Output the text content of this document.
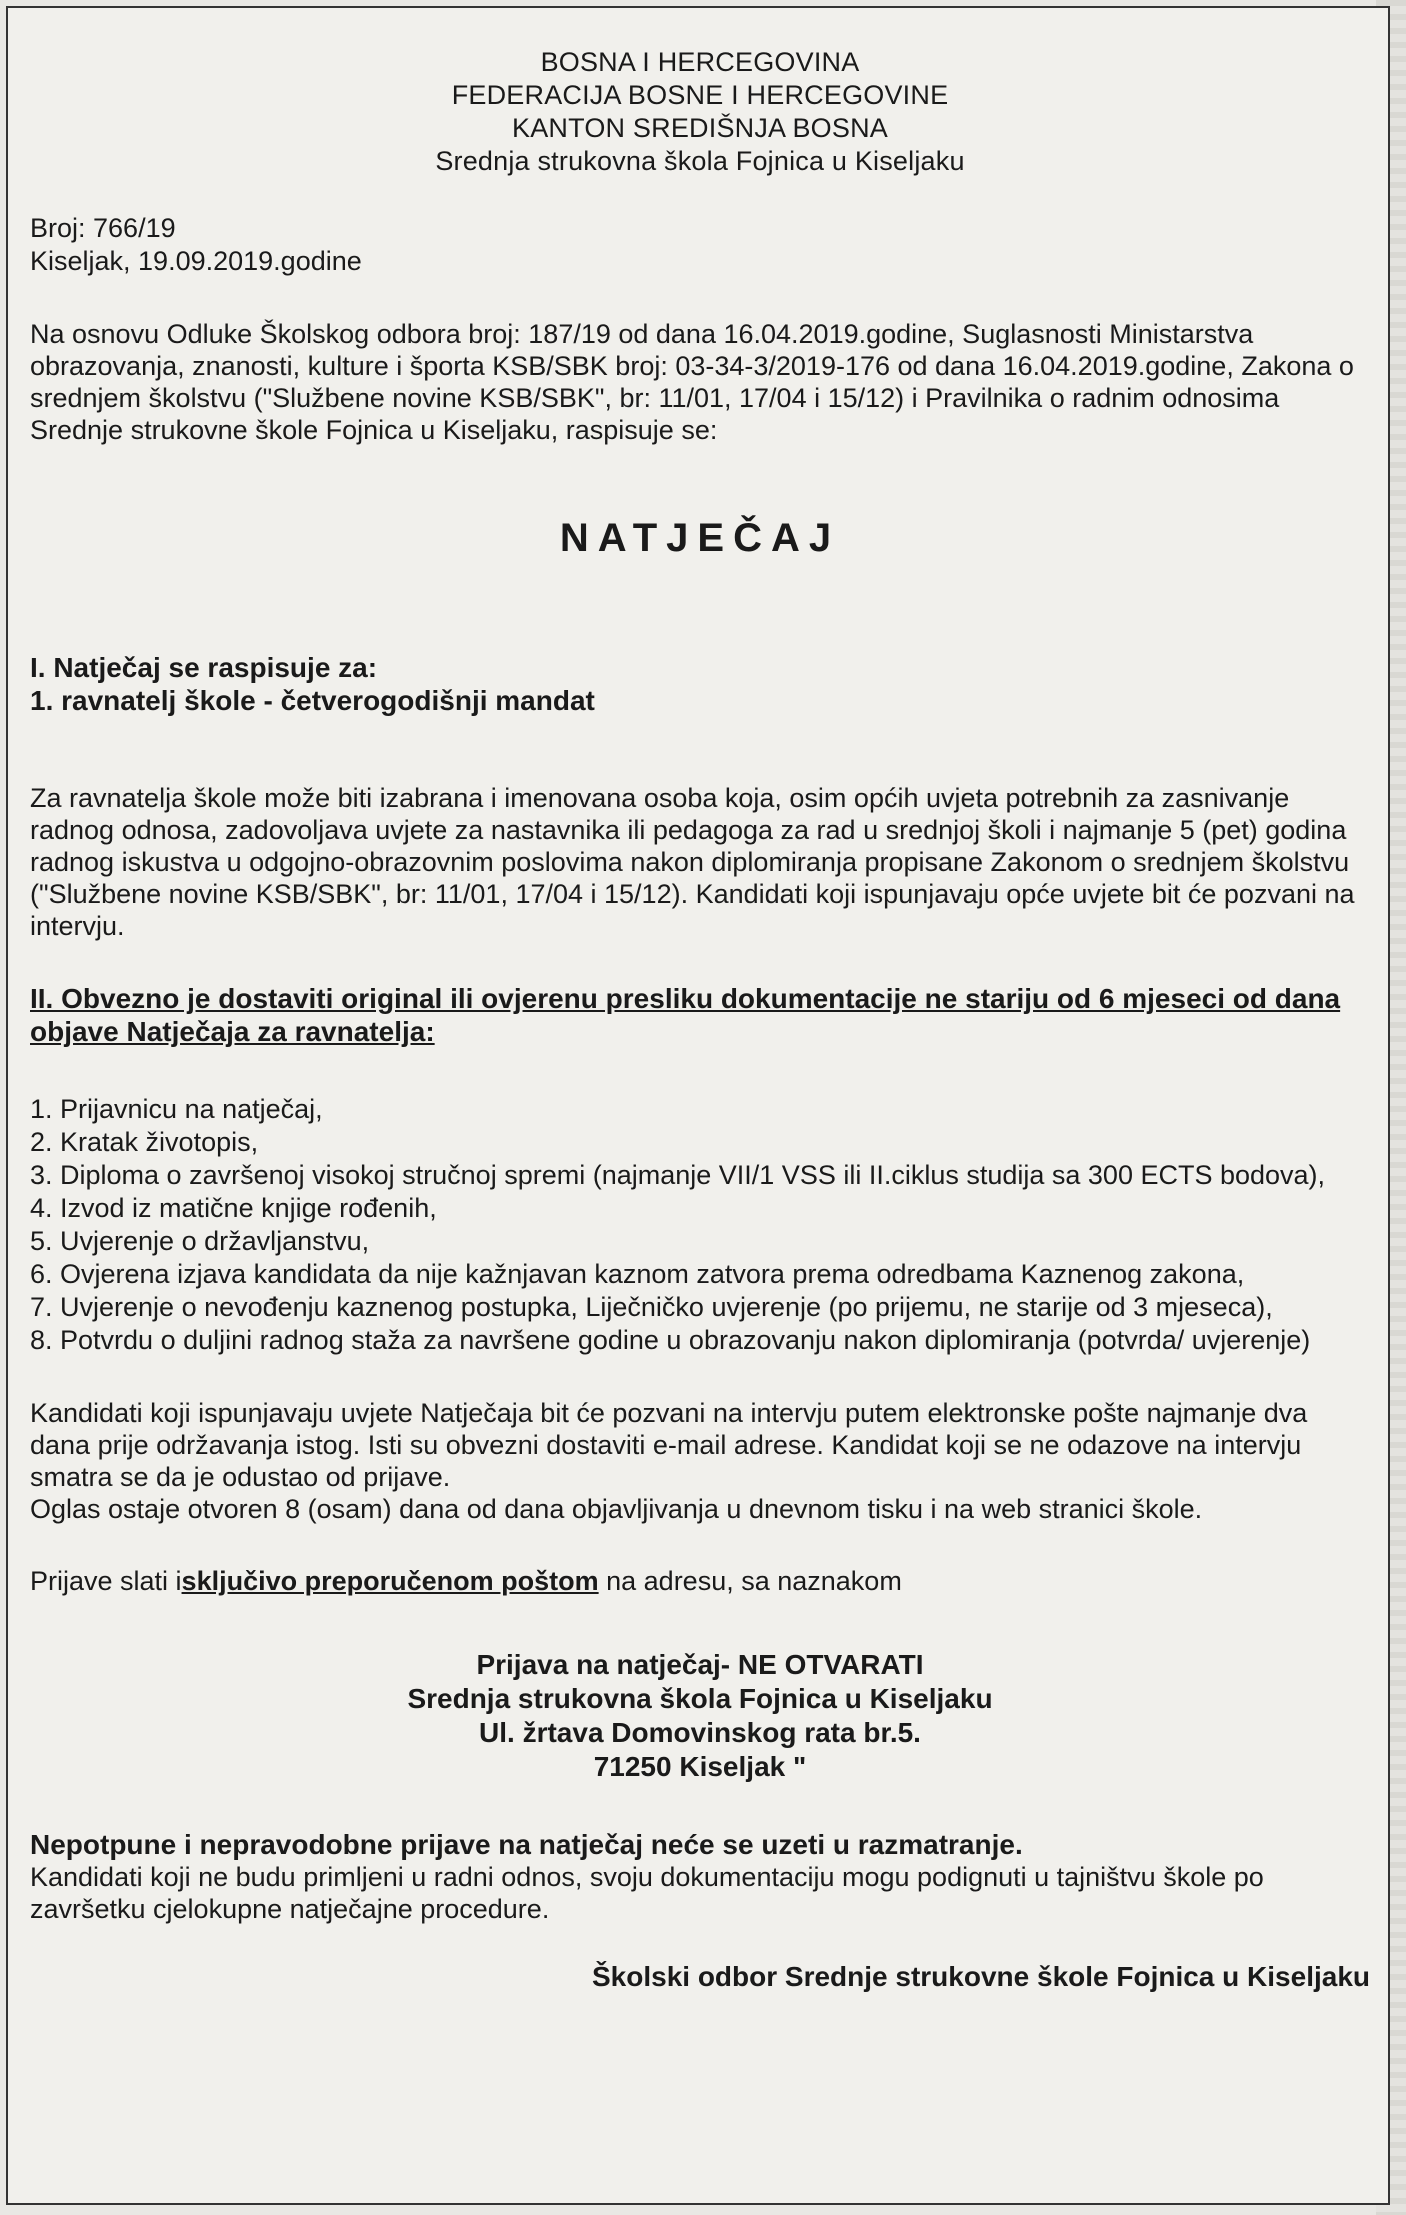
BOSNA I HERCEGOVINA
FEDERACIJA BOSNE I HERCEGOVINE
KANTON SREDIŠNJA BOSNA
Srednja strukovna škola Fojnica u Kiseljaku
Broj: 766/19
Kiseljak, 19.09.2019.godine

Na osnovu Odluke Školskog odbora broj: 187/19 od dana 16.04.2019.godine, Suglasnosti Ministarstva obrazovanja, znanosti, kulture i športa KSB/SBK broj: 03-34-3/2019-176 od dana 16.04.2019.godine, Zakona o srednjem školstvu ("Službene novine KSB/SBK", br: 11/01, 17/04 i 15/12) i Pravilnika o radnim odnosima Srednje strukovne škole Fojnica u Kiseljaku, raspisuje se:

NATJEČAJ
I. Natječaj se raspisuje za:
1. ravnatelj škole - četverogodišnji mandat

Za ravnatelja škole može biti izabrana i imenovana osoba koja, osim općih uvjeta potrebnih za zasnivanje radnog odnosa, zadovoljava uvjete za nastavnika ili pedagoga za rad u srednjoj školi i najmanje 5 (pet) godina radnog iskustva u odgojno-obrazovnim poslovima nakon diplomiranja propisane Zakonom o srednjem školstvu ("Službene novine KSB/SBK", br: 11/01, 17/04 i 15/12). Kandidati koji ispunjavaju opće uvjete bit će pozvani na intervju.

II. Obvezno je dostaviti original ili ovjerenu presliku dokumentacije ne stariju od 6 mjeseci od dana objave Natječaja za ravnatelja:
1. Prijavnicu na natječaj,
2. Kratak životopis,
3. Diploma o završenoj visokoj stručnoj spremi (najmanje VII/1 VSS ili II.ciklus studija sa 300 ECTS bodova),
4. Izvod iz matične knjige rođenih,
5. Uvjerenje o državljanstvu,
6. Ovjerena izjava kandidata da nije kažnjavan kaznom zatvora prema odredbama Kaznenog zakona,
7. Uvjerenje o nevođenju kaznenog postupka, Liječničko uvjerenje (po prijemu, ne starije od 3 mjeseca),
8. Potvrdu o duljini radnog staža za navršene godine u obrazovanju nakon diplomiranja (potvrda/ uvjerenje)

Kandidati koji ispunjavaju uvjete Natječaja bit će pozvani na intervju putem elektronske pošte najmanje dva dana prije održavanja istog. Isti su obvezni dostaviti e-mail adrese. Kandidat koji se ne odazove na intervju smatra se da je odustao od prijave.

Oglas ostaje otvoren 8 (osam) dana od dana objavljivanja u dnevnom tisku i na web stranici škole.

Prijave slati isključivo preporučenom poštom na adresu, sa naznakom
Prijava na natječaj- NE OTVARATI
Srednja strukovna škola Fojnica u Kiseljaku
Ul. žrtava Domovinskog rata br.5.
71250 Kiseljak "
Nepotpune i nepravodobne prijave na natječaj neće se uzeti u razmatranje.

Kandidati koji ne budu primljeni u radni odnos, svoju dokumentaciju mogu podignuti u tajništvu škole po završetku cjelokupne natječajne procedure.

Školski odbor Srednje strukovne škole Fojnica u Kiseljaku
